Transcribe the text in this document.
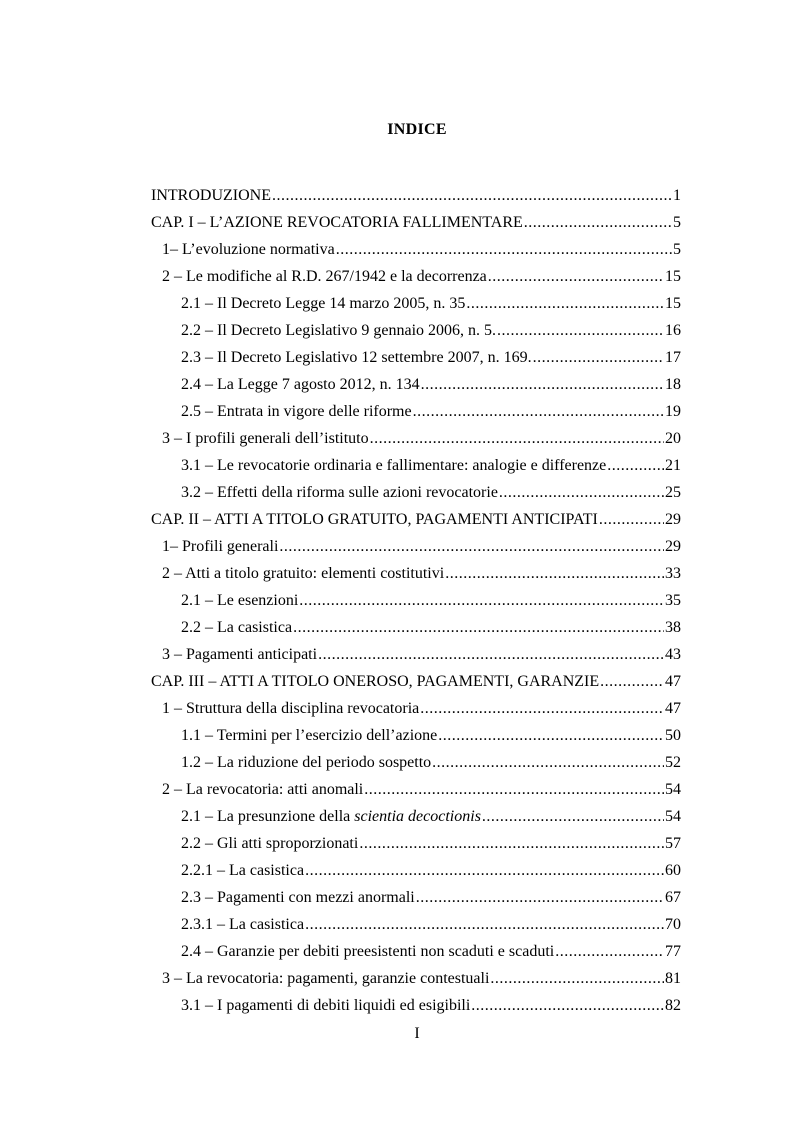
INDICE
INTRODUZIONE .....	1
CAP. I – L’AZIONE REVOCATORIA FALLIMENTARE .....	5
1– L’evoluzione normativa .....	5
2 – Le modifiche al R.D. 267/1942 e la decorrenza .....	15
2.1 – Il Decreto Legge 14 marzo 2005, n. 35 .....	15
2.2 – Il Decreto Legislativo 9 gennaio 2006, n. 5. .....	16
2.3 – Il Decreto Legislativo 12 settembre 2007, n. 169. .....	17
2.4 – La Legge 7 agosto 2012, n. 134 .....	18
2.5 – Entrata in vigore delle riforme .....	19
3 – I profili generali dell’istituto .....	20
3.1 – Le revocatorie ordinaria e fallimentare: analogie e differenze .....	21
3.2 – Effetti della riforma sulle azioni revocatorie .....	25
CAP. II – ATTI A TITOLO GRATUITO, PAGAMENTI ANTICIPATI .....	29
1– Profili generali .....	29
2 – Atti a titolo gratuito: elementi costitutivi .....	33
2.1 – Le esenzioni .....	35
2.2 – La casistica .....	38
3 – Pagamenti anticipati .....	43
CAP. III – ATTI A TITOLO ONEROSO, PAGAMENTI, GARANZIE .....	47
1 – Struttura della disciplina revocatoria .....	47
1.1 – Termini per l’esercizio dell’azione .....	50
1.2 – La riduzione del periodo sospetto .....	52
2 – La revocatoria: atti anomali .....	54
2.1 – La presunzione della scientia decoctionis .....	54
2.2 – Gli atti sproporzionati .....	57
2.2.1 – La casistica .....	60
2.3 – Pagamenti con mezzi anormali .....	67
2.3.1 – La casistica .....	70
2.4 – Garanzie per debiti preesistenti non scaduti e scaduti .....	77
3 – La revocatoria: pagamenti, garanzie contestuali .....	81
3.1 – I pagamenti di debiti liquidi ed esigibili .....	82
I
